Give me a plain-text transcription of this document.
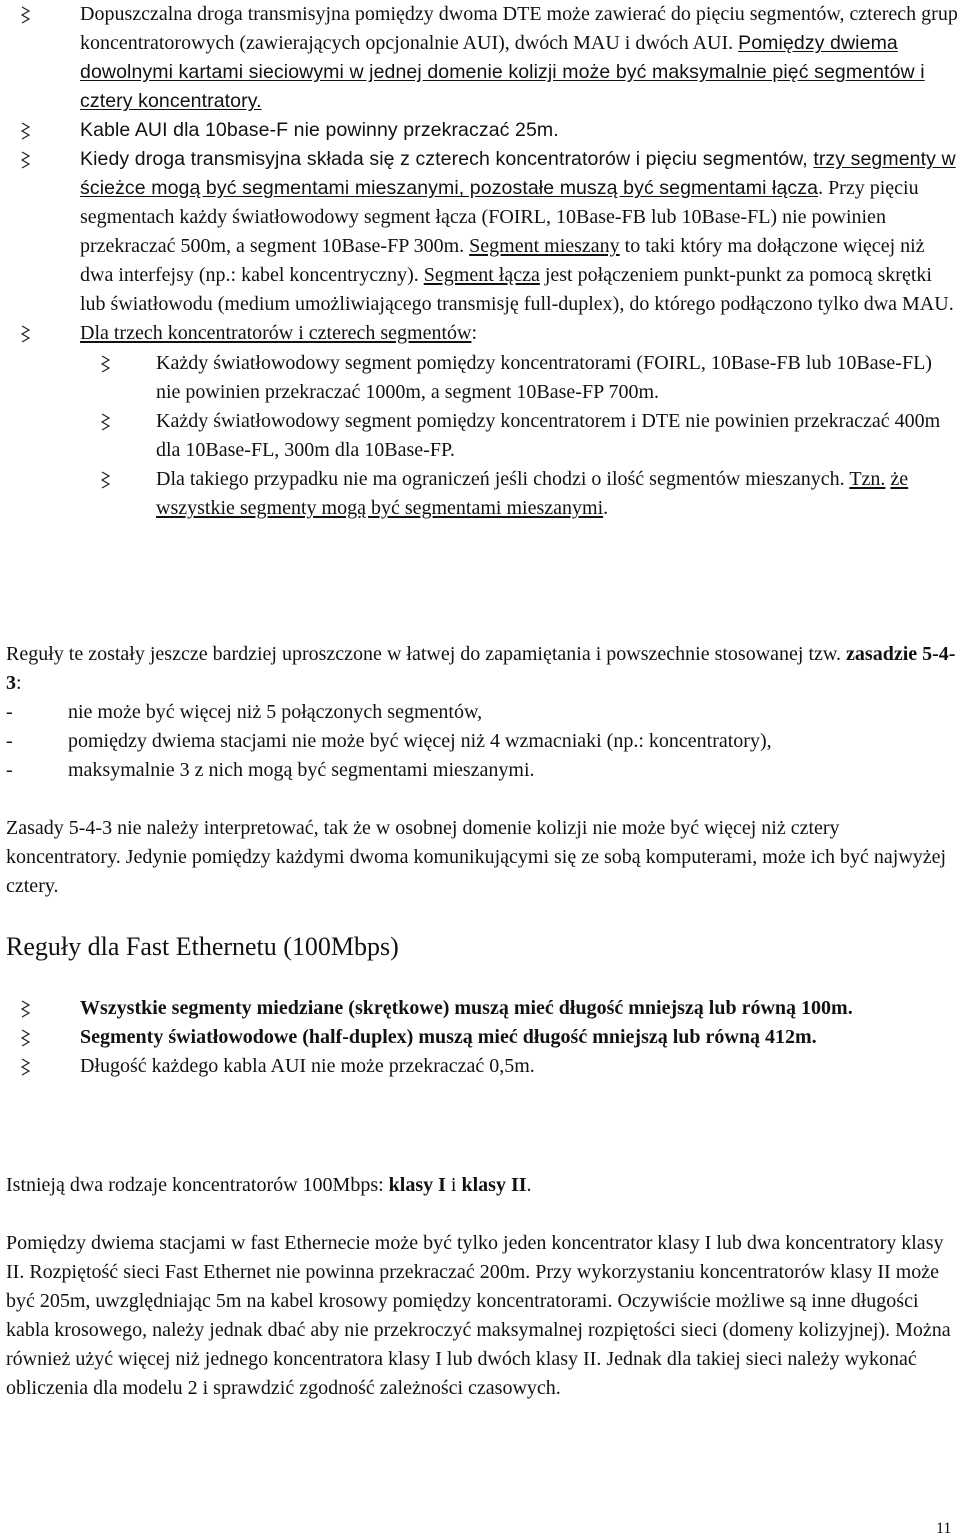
Dopuszczalna droga transmisyjna pomiędzy dwoma DTE może zawierać do pięciu segmentów, czterech grup koncentratorowych (zawierających opcjonalnie AUI), dwóch MAU i dwóch AUI. Pomiędzy dwiema dowolnymi kartami sieciowymi w jednej domenie kolizji może być maksymalnie pięć segmentów i cztery koncentratory.
Kable AUI dla 10base-F nie powinny przekraczać 25m.
Kiedy droga transmisyjna składa się z czterech koncentratorów i pięciu segmentów, trzy segmenty w ścieżce mogą być segmentami mieszanymi, pozostałe muszą być segmentami łącza. Przy pięciu segmentach każdy światłowodowy segment łącza (FOIRL, 10Base-FB lub 10Base-FL) nie powinien przekraczać 500m, a segment 10Base-FP 300m. Segment mieszany to taki który ma dołączone więcej niż dwa interfejsy (np.: kabel koncentryczny). Segment łącza jest połączeniem punkt-punkt za pomocą skrętki lub światłowodu (medium umożliwiającego transmisję full-duplex), do którego podłączono tylko dwa MAU.
Dla trzech koncentratorów i czterech segmentów:
Każdy światłowodowy segment pomiędzy koncentratorami (FOIRL, 10Base-FB lub 10Base-FL) nie powinien przekraczać 1000m, a segment 10Base-FP 700m.
Każdy światłowodowy segment pomiędzy koncentratorem i DTE nie powinien przekraczać 400m dla 10Base-FL, 300m dla 10Base-FP.
Dla takiego przypadku nie ma ograniczeń jeśli chodzi o ilość segmentów mieszanych. Tzn. że wszystkie segmenty mogą być segmentami mieszanymi.

Reguły te zostały jeszcze bardziej uproszczone w łatwej do zapamiętania i powszechnie stosowanej tzw. zasadzie 5-4-3:

-	nie może być więcej niż 5 połączonych segmentów,
-	pomiędzy dwiema stacjami nie może być więcej niż 4 wzmacniaki (np.: koncentratory),
-	maksymalnie 3 z nich mogą być segmentami mieszanymi.

Zasady 5-4-3 nie należy interpretować, tak że w osobnej domenie kolizji nie może być więcej niż cztery koncentratory. Jedynie pomiędzy każdymi dwoma komunikującymi się ze sobą komputerami, może ich być najwyżej cztery.

Reguły dla Fast Ethernetu (100Mbps)
Wszystkie segmenty miedziane (skrętkowe) muszą mieć długość mniejszą lub równą 100m.
Segmenty światłowodowe (half-duplex) muszą mieć długość mniejszą lub równą 412m.
Długość każdego kabla AUI nie może przekraczać 0,5m.

Istnieją dwa rodzaje koncentratorów 100Mbps: klasy I i klasy II.

Pomiędzy dwiema stacjami w fast Ethernecie może być tylko jeden koncentrator klasy I lub dwa koncentratory klasy II. Rozpiętość sieci Fast Ethernet nie powinna przekraczać 200m. Przy wykorzystaniu koncentratorów klasy II może być 205m, uwzględniając 5m na kabel krosowy pomiędzy koncentratorami. Oczywiście możliwe są inne długości kabla krosowego, należy jednak dbać aby nie przekroczyć maksymalnej rozpiętości sieci (domeny kolizyjnej). Można również użyć więcej niż jednego koncentratora klasy I lub dwóch klasy II. Jednak dla takiej sieci należy wykonać obliczenia dla modelu 2 i sprawdzić zgodność zależności czasowych.

11
